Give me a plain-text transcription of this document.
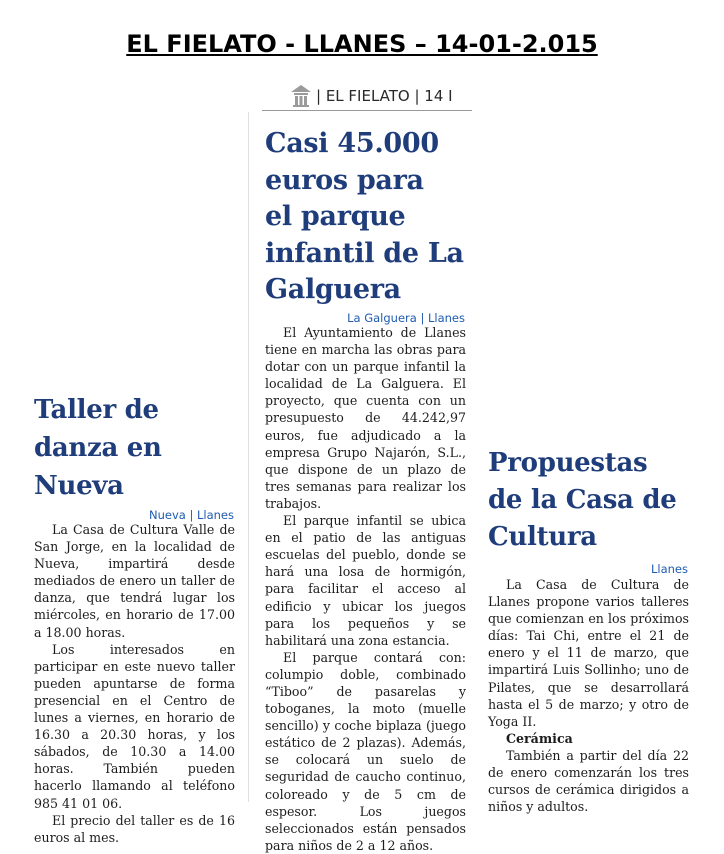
EL FIELATO - LLANES – 14-01-2.015
| EL FIELATO | 14 I
Casi 45.000
euros para
el parque
infantil de La
Galguera
La Galguera | Llanes

El Ayuntamiento de Llanes tiene en marcha las obras para dotar con un parque infantil la localidad de La Galguera. El proyecto, que cuenta con un presupuesto de 44.242,97 euros, fue adjudicado a la empresa Grupo Najarón, S.L., que dispone de un plazo de tres semanas para realizar los trabajos.

El parque infantil se ubica en el patio de las antiguas escuelas del pueblo, donde se hará una losa de hormigón, para facilitar el acceso al edificio y ubicar los juegos para los pequeños y se habilitará una zona estancia.

El parque contará con: columpio doble, combinado “Tiboo” de pasarelas y toboganes, la moto (muelle sencillo) y coche biplaza (juego estático de 2 plazas). Además, se colocará un suelo de seguridad de caucho continuo, coloreado y de 5 cm de espesor. Los juegos seleccionados están pensados para niños de 2 a 12 años.

Taller de
danza en
Nueva
Nueva | Llanes

La Casa de Cultura Valle de San Jorge, en la localidad de Nueva, impartirá desde mediados de enero un taller de danza, que tendrá lugar los miércoles, en horario de 17.00 a 18.00 horas.

Los interesados en participar en este nuevo taller pueden apuntarse de forma presencial en el Centro de lunes a viernes, en horario de 16.30 a 20.30 horas, y los sábados, de 10.30 a 14.00 horas. También pueden hacerlo llamando al teléfono 985 41 01 06.

El precio del taller es de 16 euros al mes.

Propuestas
de la Casa de
Cultura
Llanes

La Casa de Cultura de Llanes propone varios talleres que comienzan en los próximos días: Tai Chi, entre el 21 de enero y el 11 de marzo, que impartirá Luis Sollinho; uno de Pilates, que se desarrollará hasta el 5 de marzo; y otro de Yoga II.

Cerámica

También a partir del día 22 de enero comenzarán los tres cursos de cerámica dirigidos a niños y adultos.
